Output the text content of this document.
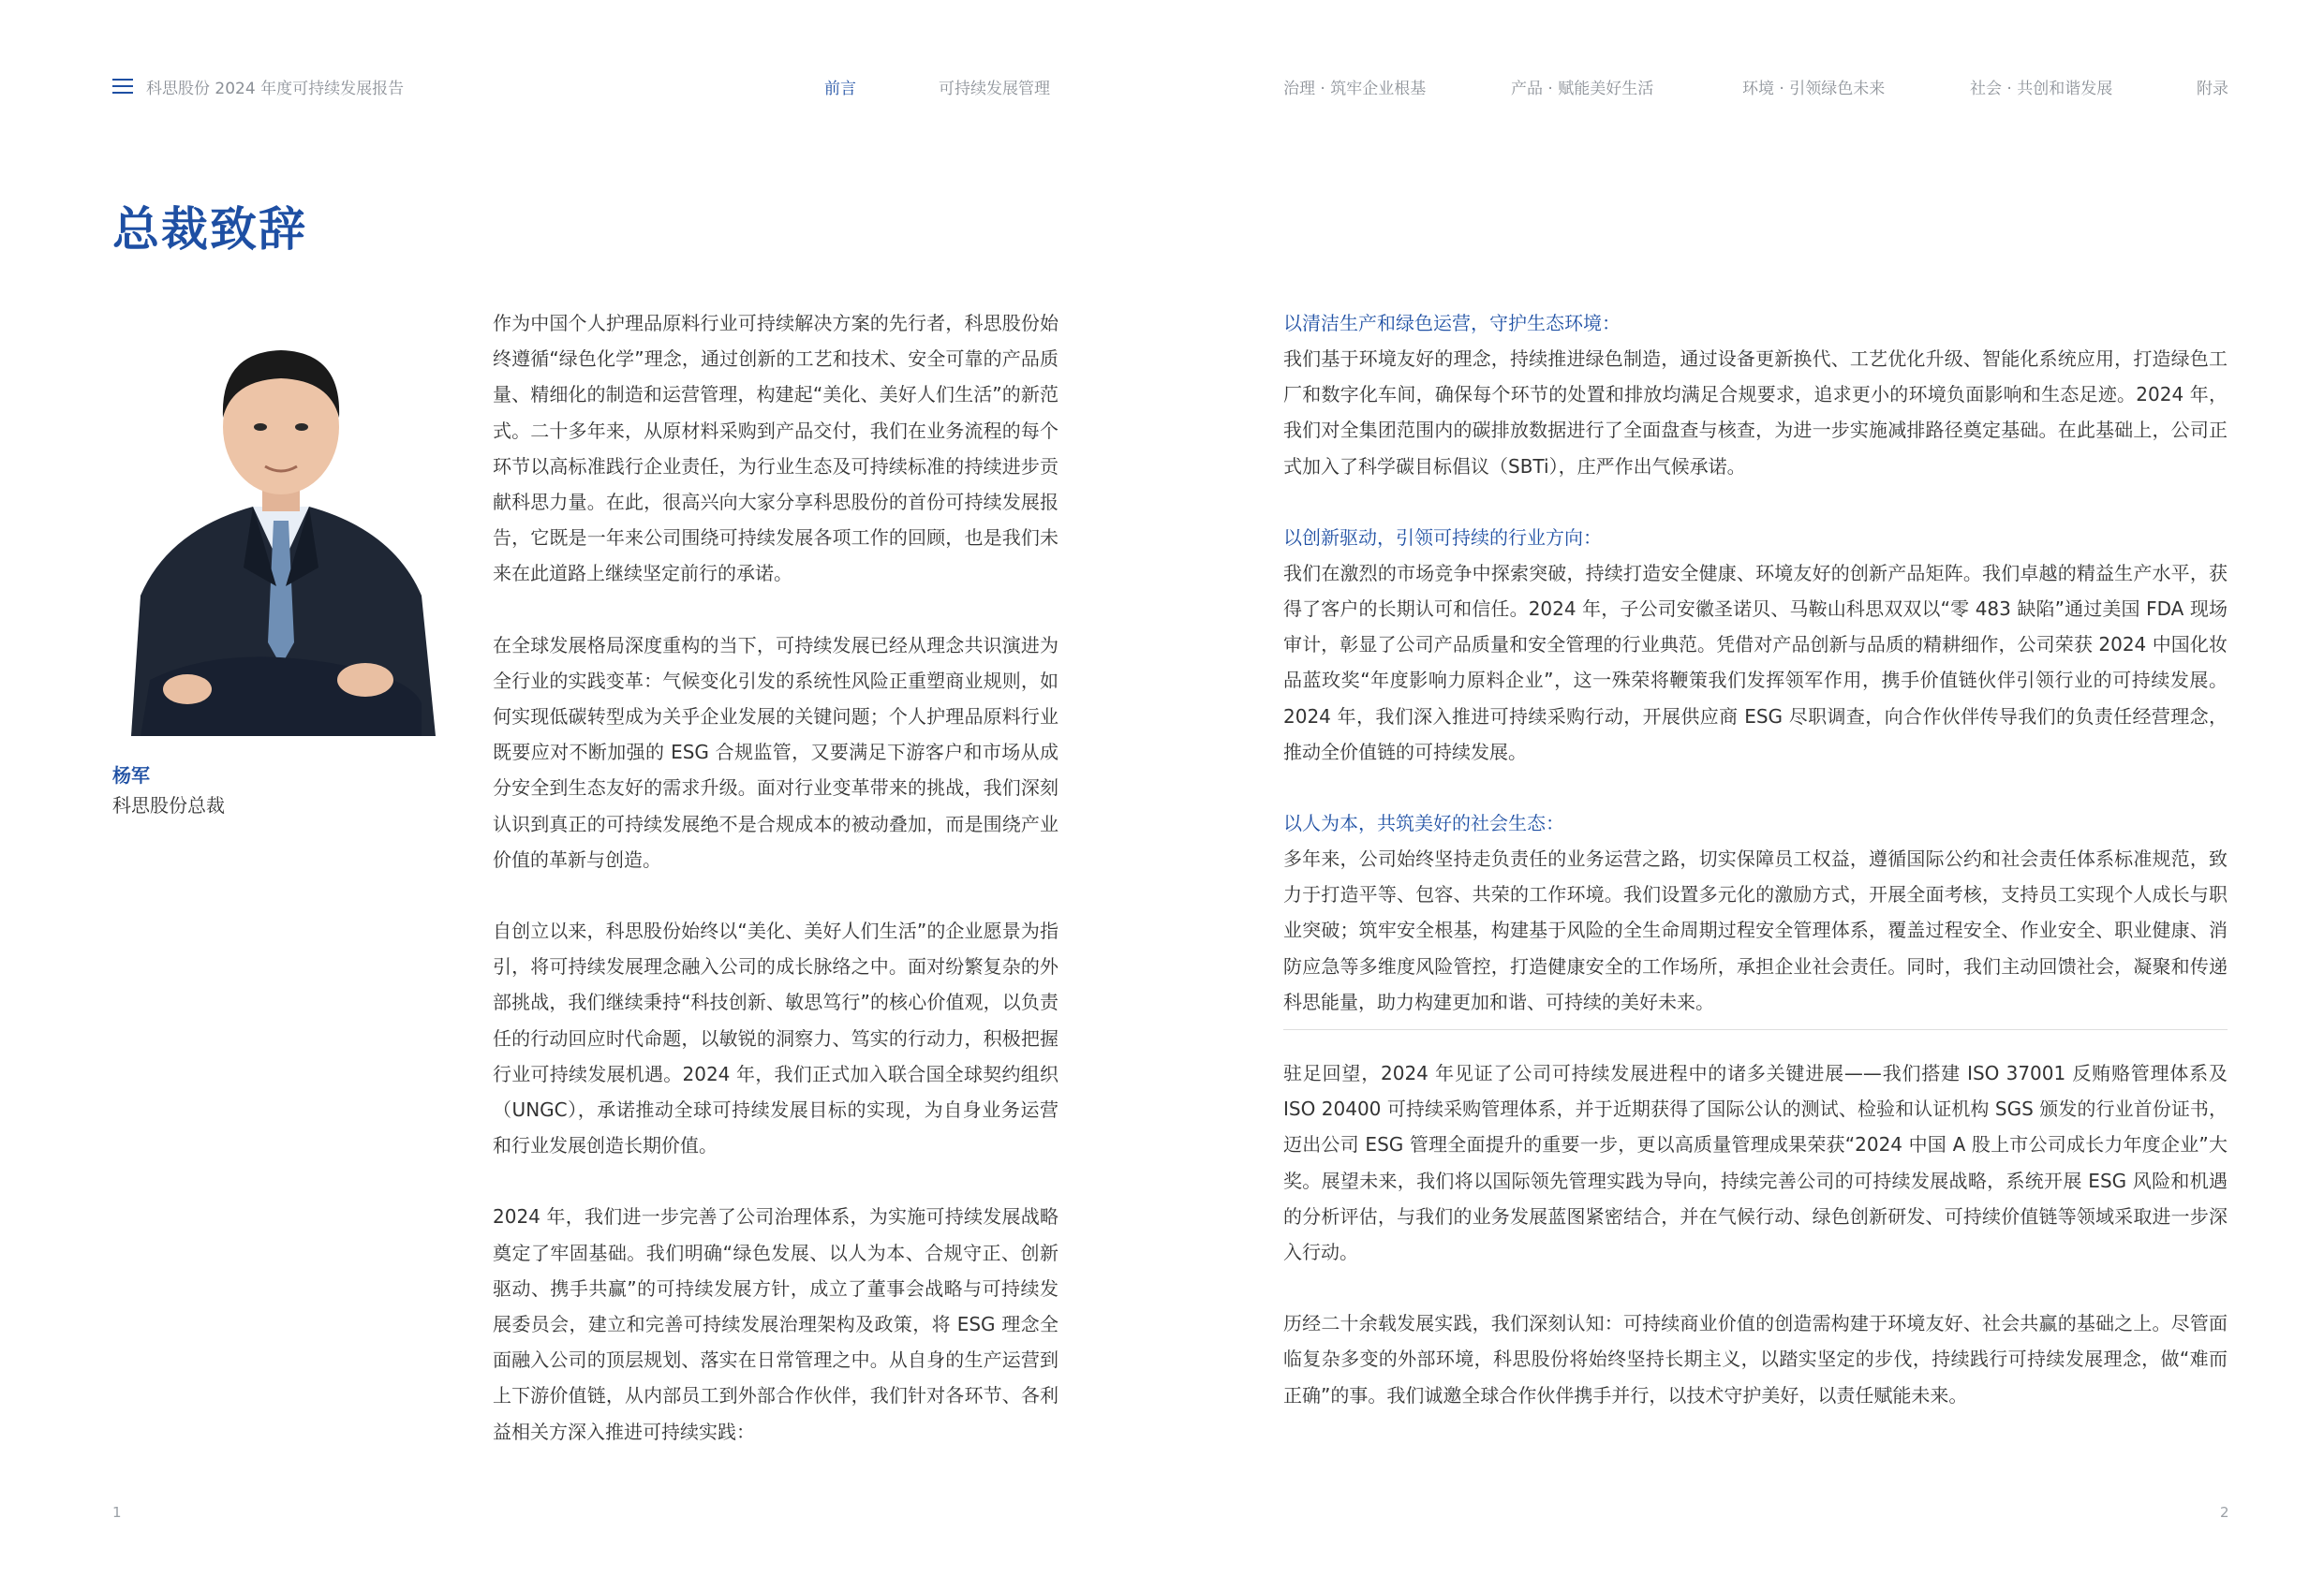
科思股份 2024 年度可持续发展报告	前言	可持续发展管理	治理 · 筑牢企业根基	产品 · 赋能美好生活	环境 · 引领绿色未来	社会 · 共创和谐发展	附录
总裁致辞
杨军
科思股份总裁

作为中国个人护理品原料行业可持续解决方案的先行者，科思股份始终遵循“绿色化学”理念，通过创新的工艺和技术、安全可靠的产品质量、精细化的制造和运营管理，构建起“美化、美好人们生活”的新范式。二十多年来，从原材料采购到产品交付，我们在业务流程的每个环节以高标准践行企业责任，为行业生态及可持续标准的持续进步贡献科思力量。在此，很高兴向大家分享科思股份的首份可持续发展报告，它既是一年来公司围绕可持续发展各项工作的回顾，也是我们未来在此道路上继续坚定前行的承诺。

在全球发展格局深度重构的当下，可持续发展已经从理念共识演进为全行业的实践变革：气候变化引发的系统性风险正重塑商业规则，如何实现低碳转型成为关乎企业发展的关键问题；个人护理品原料行业既要应对不断加强的 ESG 合规监管，又要满足下游客户和市场从成分安全到生态友好的需求升级。面对行业变革带来的挑战，我们深刻认识到真正的可持续发展绝不是合规成本的被动叠加，而是围绕产业价值的革新与创造。

自创立以来，科思股份始终以“美化、美好人们生活”的企业愿景为指引，将可持续发展理念融入公司的成长脉络之中。面对纷繁复杂的外部挑战，我们继续秉持“科技创新、敏思笃行”的核心价值观，以负责任的行动回应时代命题，以敏锐的洞察力、笃实的行动力，积极把握行业可持续发展机遇。2024 年，我们正式加入联合国全球契约组织（UNGC），承诺推动全球可持续发展目标的实现，为自身业务运营和行业发展创造长期价值。

2024 年，我们进一步完善了公司治理体系，为实施可持续发展战略奠定了牢固基础。我们明确“绿色发展、以人为本、合规守正、创新驱动、携手共赢”的可持续发展方针，成立了董事会战略与可持续发展委员会，建立和完善可持续发展治理架构及政策，将 ESG 理念全面融入公司的顶层规划、落实在日常管理之中。从自身的生产运营到上下游价值链，从内部员工到外部合作伙伴，我们针对各环节、各利益相关方深入推进可持续实践：

以清洁生产和绿色运营，守护生态环境：

我们基于环境友好的理念，持续推进绿色制造，通过设备更新换代、工艺优化升级、智能化系统应用，打造绿色工厂和数字化车间，确保每个环节的处置和排放均满足合规要求，追求更小的环境负面影响和生态足迹。2024 年，我们对全集团范围内的碳排放数据进行了全面盘查与核查，为进一步实施减排路径奠定基础。在此基础上，公司正式加入了科学碳目标倡议（SBTi），庄严作出气候承诺。

以创新驱动，引领可持续的行业方向：

我们在激烈的市场竞争中探索突破，持续打造安全健康、环境友好的创新产品矩阵。我们卓越的精益生产水平，获得了客户的长期认可和信任。2024 年，子公司安徽圣诺贝、马鞍山科思双双以“零 483 缺陷”通过美国 FDA 现场审计，彰显了公司产品质量和安全管理的行业典范。凭借对产品创新与品质的精耕细作，公司荣获 2024 中国化妆品蓝玫奖“年度影响力原料企业”，这一殊荣将鞭策我们发挥领军作用，携手价值链伙伴引领行业的可持续发展。2024 年，我们深入推进可持续采购行动，开展供应商 ESG 尽职调查，向合作伙伴传导我们的负责任经营理念，推动全价值链的可持续发展。

以人为本，共筑美好的社会生态：

多年来，公司始终坚持走负责任的业务运营之路，切实保障员工权益，遵循国际公约和社会责任体系标准规范，致力于打造平等、包容、共荣的工作环境。我们设置多元化的激励方式，开展全面考核，支持员工实现个人成长与职业突破；筑牢安全根基，构建基于风险的全生命周期过程安全管理体系，覆盖过程安全、作业安全、职业健康、消防应急等多维度风险管控，打造健康安全的工作场所，承担企业社会责任。同时，我们主动回馈社会，凝聚和传递科思能量，助力构建更加和谐、可持续的美好未来。

驻足回望，2024 年见证了公司可持续发展进程中的诸多关键进展——我们搭建 ISO 37001 反贿赂管理体系及 ISO 20400 可持续采购管理体系，并于近期获得了国际公认的测试、检验和认证机构 SGS 颁发的行业首份证书，迈出公司 ESG 管理全面提升的重要一步，更以高质量管理成果荣获“2024 中国 A 股上市公司成长力年度企业”大奖。展望未来，我们将以国际领先管理实践为导向，持续完善公司的可持续发展战略，系统开展 ESG 风险和机遇的分析评估，与我们的业务发展蓝图紧密结合，并在气候行动、绿色创新研发、可持续价值链等领域采取进一步深入行动。

历经二十余载发展实践，我们深刻认知：可持续商业价值的创造需构建于环境友好、社会共赢的基础之上。尽管面临复杂多变的外部环境，科思股份将始终坚持长期主义，以踏实坚定的步伐，持续践行可持续发展理念，做“难而正确”的事。我们诚邀全球合作伙伴携手并行，以技术守护美好，以责任赋能未来。

1	2
